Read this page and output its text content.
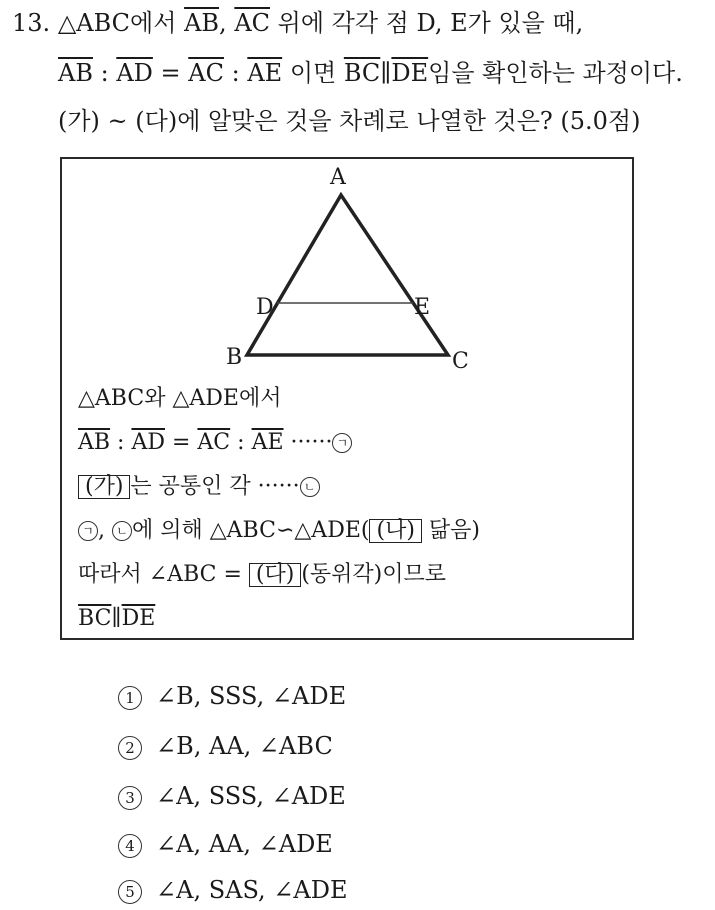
13. △ABC에서 $\overline{AB}$, $\overline{AC}$ 위에 각각 점 D, E가 있을 때,
$\overline{AB}$ : $\overline{AD} = \overline{AC}$ : $\overline{AE}$ 이면 $\overline{BC}\parallel\overline{DE}$임을 확인하는 과정이다.
(가) ~ (다)에 알맞은 것을 차례로 나열한 것은? (5.0점)
A
B	C
D	E
△ABC와 △ADE에서
$\overline{AB}$ : $\overline{AD} = \overline{AC}$ : $\overline{AE}$ ······ ㄱ
(가) 는 공통인 각 ······ ㄴ
ㄱ , ㄴ 에 의해 △ABC∽△ADE( (나) 닮음)
따라서 ∠ABC = (다) (동위각)이므로
$\overline{BC}\parallel\overline{DE}$
1 ∠B, SSS, ∠ADE
2 ∠B, AA, ∠ABC
3 ∠A, SSS, ∠ADE
4 ∠A, AA, ∠ADE
5 ∠A, SAS, ∠ADE
